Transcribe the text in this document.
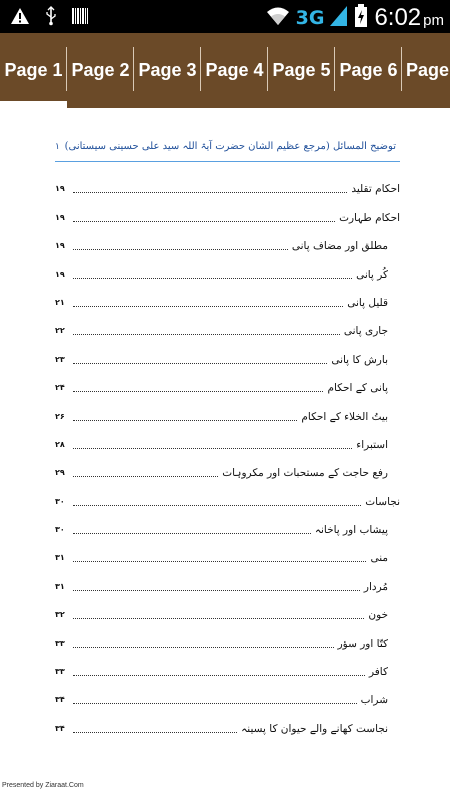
3G 6:02 pm
Page 1 Page 2 Page 3 Page 4 Page 5 Page 6 Page
توضیح المسائل (مرجع عظیم الشان حضرت آیۃ اللہ سید علی حسینی سیستانی)
۱
احکام تقلید
۱۹
احکام طہارت
۱۹
مطلق اور مضاف پانی
۱۹
کُر پانی
۱۹
قلیل پانی
۲۱
جاری پانی
۲۲
بارش کا پانی
۲۳
پانی کے احکام
۲۴
بیتُ الخلاء کے احکام
۲۶
استبراء
۲۸
رفع حاجت کے مستحبات اور مکروہات
۲۹
نجاسات
۳۰
پیشاب اور پاخانہ
۳۰
منی
۳۱
مُردار
۳۱
خون
۳۲
کتّا اور سؤر
۳۳
کافر
۳۳
شراب
۳۴
نجاست کھانے والے حیوان کا پسینہ
۳۴
Presented by Ziaraat.Com
